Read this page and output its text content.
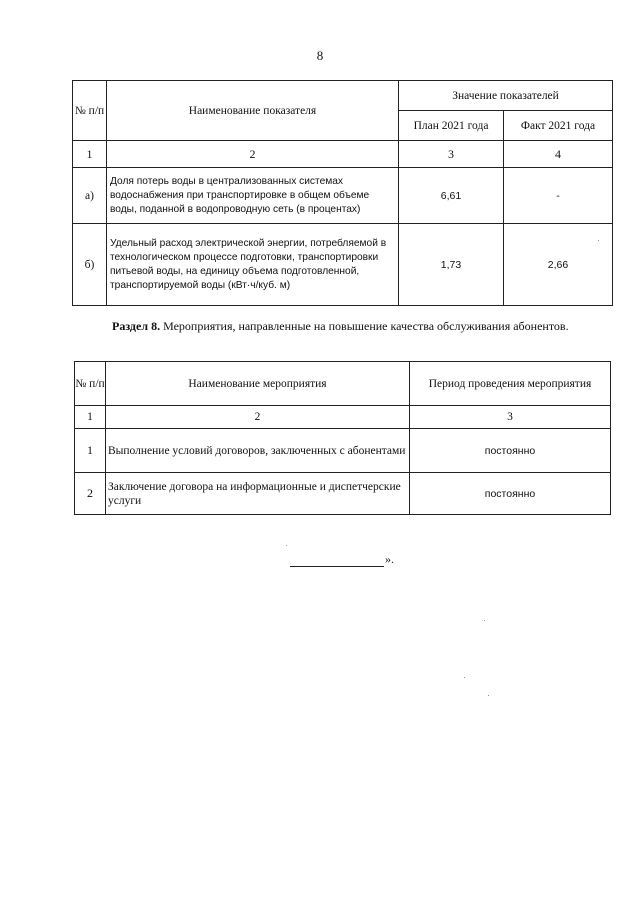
8
№ п/п	Наименование показателя	Значение показателей	
		План 2021 года	Факт 2021 года
1	2	3	4
а)	Доля потерь воды в централизованных системах водоснабжения при транспортировке в общем объеме воды, поданной в водопроводную сеть (в процентах)	6,61	-
б)	Удельный расход электрической энергии, потребляемой в технологическом процессе подготовки, транспортировки питьевой воды, на единицу объема подготовленной, транспортируемой воды (кВт·ч/куб. м)	1,73	2,66
Раздел 8. Мероприятия, направленные на повышение качества обслуживания абонентов.
№ п/п	Наименование мероприятия	Период проведения мероприятия
1	2	3
1	Выполнение условий договоров, заключенных с абонентами	постоянно
2	Заключение договора на информационные и диспетчерские услуги	постоянно
».
